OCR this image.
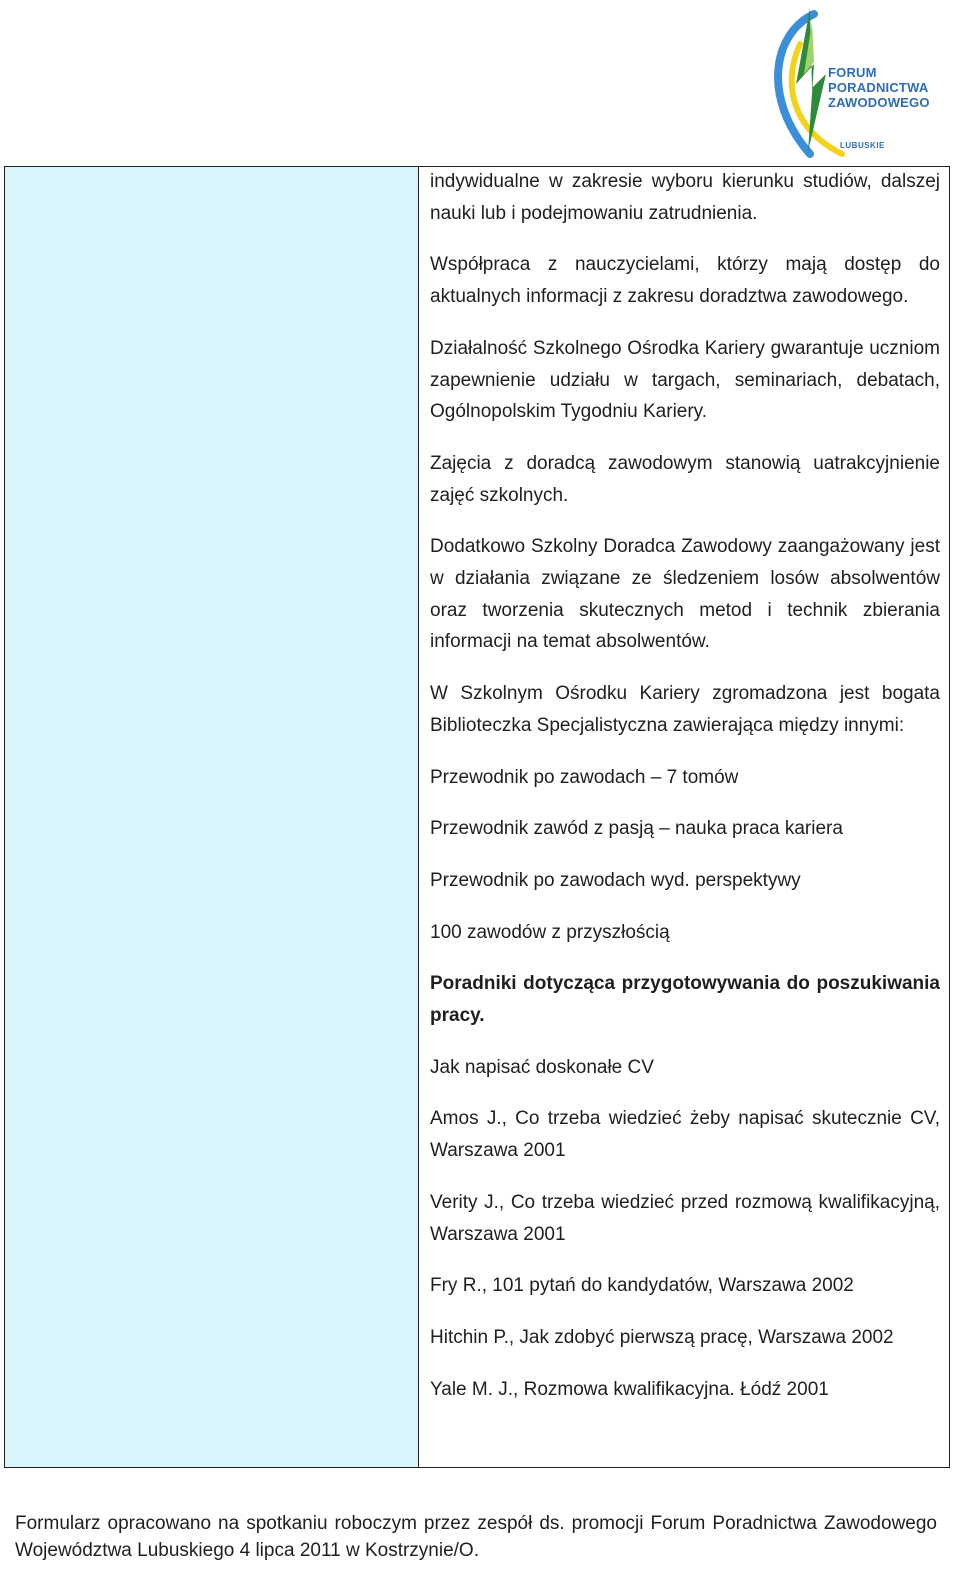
FORUM
PORADNICTWA
ZAWODOWEGO
LUBUSKIE

indywidualne w zakresie wyboru kierunku studiów, dalszej nauki lub i podejmowaniu zatrudnienia.

Współpraca z nauczycielami, którzy mają dostęp do aktualnych informacji z zakresu doradztwa zawodowego.

Działalność Szkolnego Ośrodka Kariery gwarantuje uczniom zapewnienie udziału w targach, seminariach, debatach, Ogólnopolskim Tygodniu Kariery.

Zajęcia z doradcą zawodowym stanowią uatrakcyjnienie zajęć szkolnych.

Dodatkowo Szkolny Doradca Zawodowy zaangażowany jest w działania związane ze śledzeniem losów absolwentów oraz tworzenia skutecznych metod i technik zbierania informacji na temat absolwentów.

W Szkolnym Ośrodku Kariery zgromadzona jest bogata Biblioteczka Specjalistyczna zawierająca między innymi:

Przewodnik po zawodach – 7 tomów

Przewodnik zawód z pasją – nauka praca kariera

Przewodnik po zawodach wyd. perspektywy

100 zawodów z przyszłością

Poradniki dotycząca przygotowywania do poszukiwania pracy.

Jak napisać doskonałe CV

Amos J., Co trzeba wiedzieć żeby napisać skutecznie CV, Warszawa 2001

Verity J., Co trzeba wiedzieć przed rozmową kwalifikacyjną, Warszawa 2001

Fry R., 101 pytań do kandydatów, Warszawa 2002

Hitchin P., Jak zdobyć pierwszą pracę, Warszawa 2002

Yale M. J., Rozmowa kwalifikacyjna. Łódź 2001

Formularz opracowano na spotkaniu roboczym przez zespół ds. promocji Forum Poradnictwa Zawodowego Województwa Lubuskiego 4 lipca 2011 w Kostrzynie/O.
